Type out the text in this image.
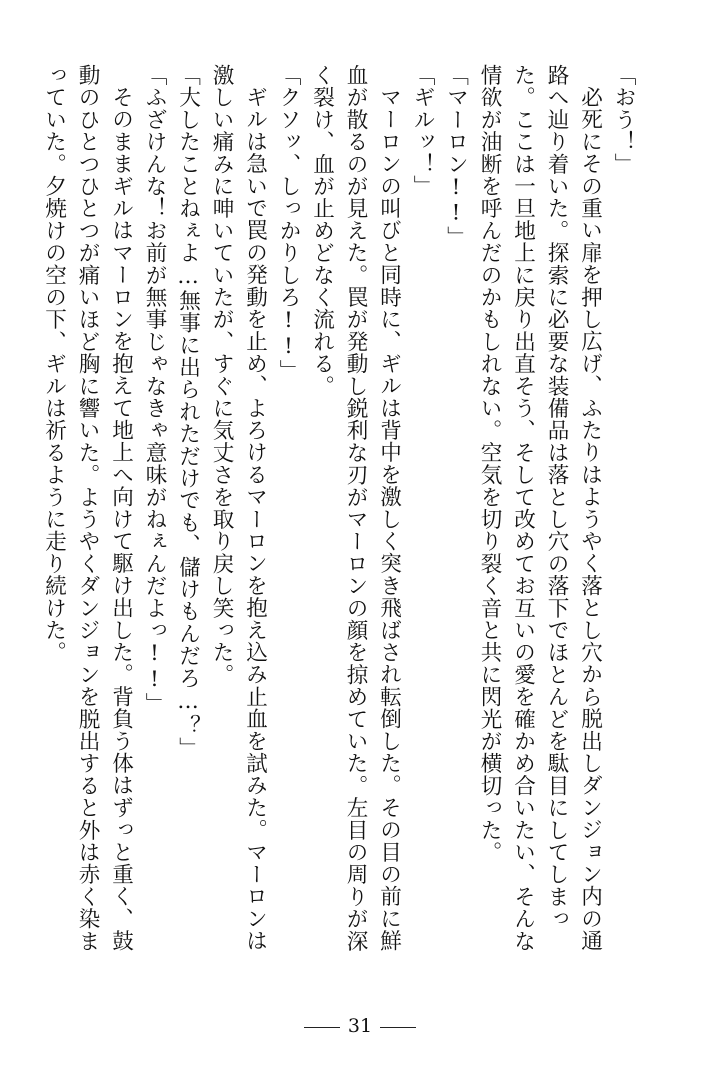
「おう！」

必死にその重い扉を押し広げ、ふたりはようやく落とし穴から脱出しダンジョン内の通路へ辿り着いた。探索に必要な装備品は落とし穴の落下でほとんどを駄目にしてしまった。ここは一旦地上に戻り出直そう、そして改めてお互いの愛を確かめ合いたい、そんな情欲が油断を呼んだのかもしれない。空気を切り裂く音と共に閃光が横切った。

「マーロン!!」

「ギルッ！」

マーロンの叫びと同時に、ギルは背中を激しく突き飛ばされ転倒した。その目の前に鮮血が散るのが見えた。罠が発動し鋭利な刃がマーロンの顔を掠めていた。左目の周りが深く裂け、血が止めどなく流れる。

「クソッ、しっかりしろ!!」

ギルは急いで罠の発動を止め、よろけるマーロンを抱え込み止血を試みた。マーロンは激しい痛みに呻いていたが、すぐに気丈さを取り戻し笑った。

「大したことねぇよ…無事に出られただけでも、儲けもんだろ…？」

「ふざけんな！お前が無事じゃなきゃ意味がねぇんだよっ!!」

そのままギルはマーロンを抱えて地上へ向けて駆け出した。背負う体はずっと重く、鼓動のひとつひとつが痛いほど胸に響いた。ようやくダンジョンを脱出すると外は赤く染まっていた。夕焼けの空の下、ギルは祈るように走り続けた。

31
